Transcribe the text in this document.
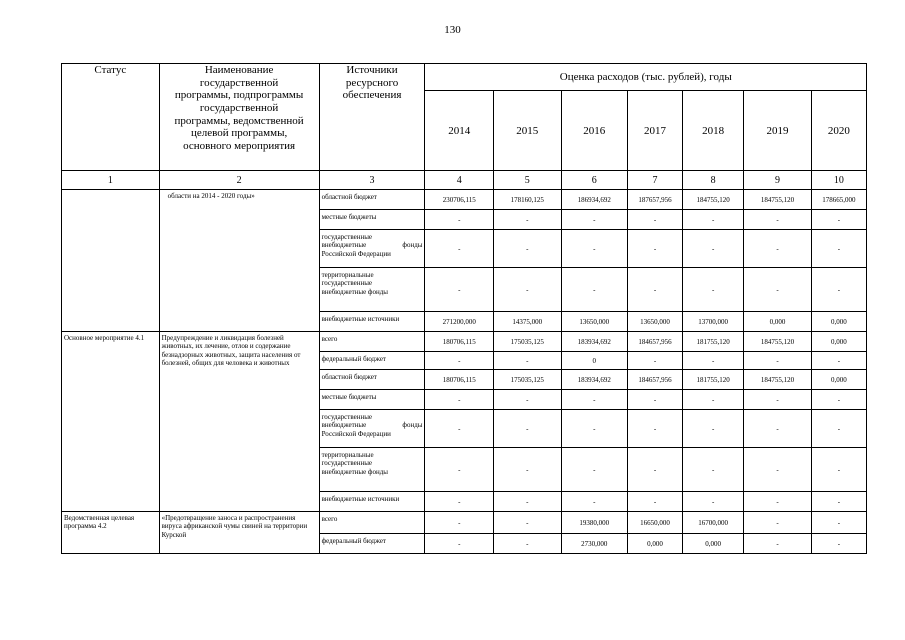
130
Статус	Наименование государственной программы, подпрограммы государственной программы, ведомственной целевой программы, основного мероприятия	Источники ресурсного обеспечения	Оценка расходов (тыс. рублей), годы						
			2014	2015	2016	2017	2018	2019	2020
1	2	3	4	5	6	7	8	9	10
	области на 2014 - 2020 годы»	областной бюджет	230706,115	178160,125	186934,692	187657,956	184755,120	184755,120	178665,000
		местные бюджеты	-	-	-	-	-	-	-

		государственные
внебюджетные фонды
Российской Федерации	-	-	-	-	-	-	-

		территориальные
государственные
внебюджетные фонды	-	-	-	-	-	-	-
		внебюджетные источники	271200,000	14375,000	13650,000	13650,000	13700,000	0,000	0,000
Основное мероприятие 4.1	Предупреждение и ликвидация болезней животных, их лечение, отлов и содержание безнадзорных животных, защита населения от болезней, общих для человека и животных	всего	180706,115	175035,125	183934,692	184657,956	181755,120	184755,120	0,000
		федеральный бюджет	-	-	0	-	-	-	-
		областной бюджет	180706,115	175035,125	183934,692	184657,956	181755,120	184755,120	0,000
		местные бюджеты	-	-	-	-	-	-	-

		государственные
внебюджетные фонды
Российской Федерации	-	-	-	-	-	-	-

		территориальные
государственные
внебюджетные фонды	-	-	-	-	-	-	-
		внебюджетные источники	-	-	-	-	-	-	-
Ведомственная целевая программа 4.2	«Предотвращение заноса и распространения вируса африканской чумы свиней на территории Курской	всего	-	-	19380,000	16650,000	16700,000	-	-
		федеральный бюджет	-	-	2730,000	0,000	0,000	-	-
